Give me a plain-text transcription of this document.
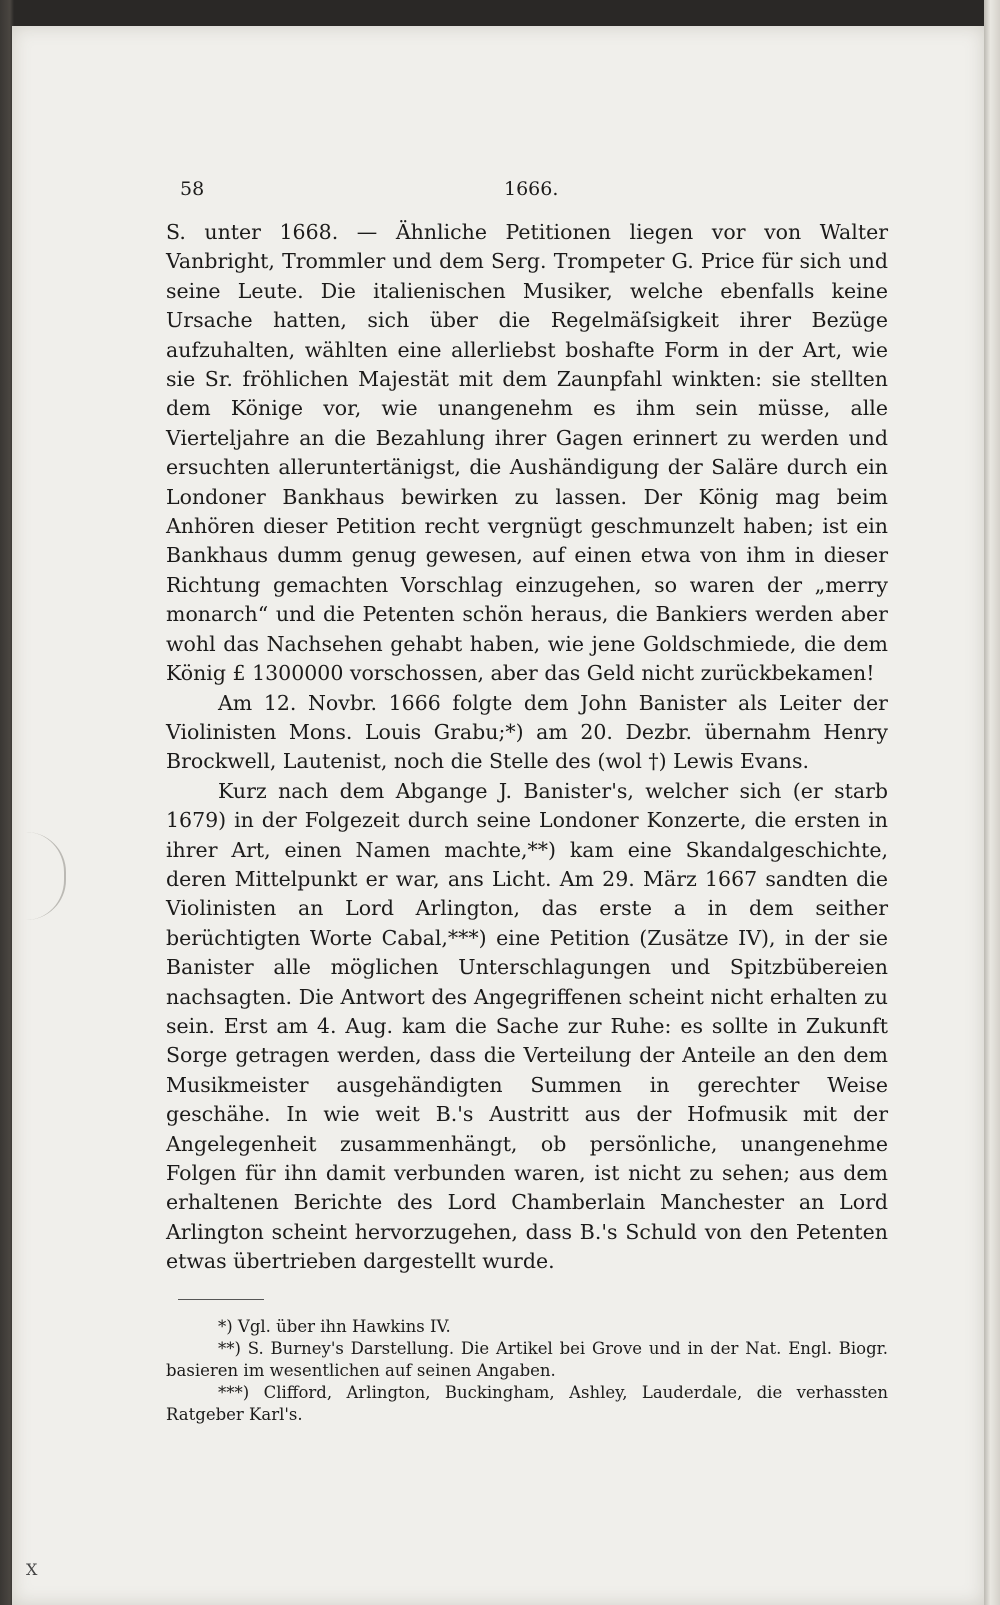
58	1666.

S. unter 1668. — Ähnliche Petitionen liegen vor von Walter Vanbright, Trommler und dem Serg. Trompeter G. Price für sich und seine Leute. Die italienischen Musiker, welche ebenfalls keine Ursache hatten, sich über die Regelmäſsigkeit ihrer Bezüge aufzuhalten, wählten eine allerliebst boshafte Form in der Art, wie sie Sr. fröhlichen Majestät mit dem Zaunpfahl winkten: sie stellten dem Könige vor, wie unangenehm es ihm sein müsse, alle Vierteljahre an die Bezahlung ihrer Gagen erinnert zu werden und ersuchten alleruntertänigst, die Aushändigung der Saläre durch ein Londoner Bankhaus bewirken zu lassen. Der König mag beim Anhören dieser Petition recht vergnügt geschmunzelt haben; ist ein Bankhaus dumm genug gewesen, auf einen etwa von ihm in dieser Richtung gemachten Vorschlag einzugehen, so waren der „merry monarch“ und die Petenten schön heraus, die Bankiers werden aber wohl das Nachsehen gehabt haben, wie jene Goldschmiede, die dem König £ 1300000 vorschossen, aber das Geld nicht zurückbekamen!

Am 12. Novbr. 1666 folgte dem John Banister als Leiter der Violinisten Mons. Louis Grabu;*) am 20. Dezbr. übernahm Henry Brockwell, Lautenist, noch die Stelle des (wol †) Lewis Evans.

Kurz nach dem Abgange J. Banister's, welcher sich (er starb 1679) in der Folgezeit durch seine Londoner Konzerte, die ersten in ihrer Art, einen Namen machte,**) kam eine Skandalgeschichte, deren Mittelpunkt er war, ans Licht. Am 29. März 1667 sandten die Violinisten an Lord Arlington, das erste a in dem seither berüchtigten Worte Cabal,***) eine Petition (Zusätze IV), in der sie Banister alle möglichen Unterschlagungen und Spitzbübereien nachsagten. Die Antwort des Angegriffenen scheint nicht erhalten zu sein. Erst am 4. Aug. kam die Sache zur Ruhe: es sollte in Zukunft Sorge getragen werden, dass die Verteilung der Anteile an den dem Musikmeister ausgehändigten Summen in gerechter Weise geschähe. In wie weit B.'s Austritt aus der Hofmusik mit der Angelegenheit zusammenhängt, ob persönliche, unangenehme Folgen für ihn damit verbunden waren, ist nicht zu sehen; aus dem erhaltenen Berichte des Lord Chamberlain Manchester an Lord Arlington scheint hervorzugehen, dass B.'s Schuld von den Petenten etwas übertrieben dargestellt wurde.

*) Vgl. über ihn Hawkins IV.

**) S. Burney's Darstellung. Die Artikel bei Grove und in der Nat. Engl. Biogr. basieren im wesentlichen auf seinen Angaben.

***) Clifford, Arlington, Buckingham, Ashley, Lauderdale, die verhassten Ratgeber Karl's.

X
